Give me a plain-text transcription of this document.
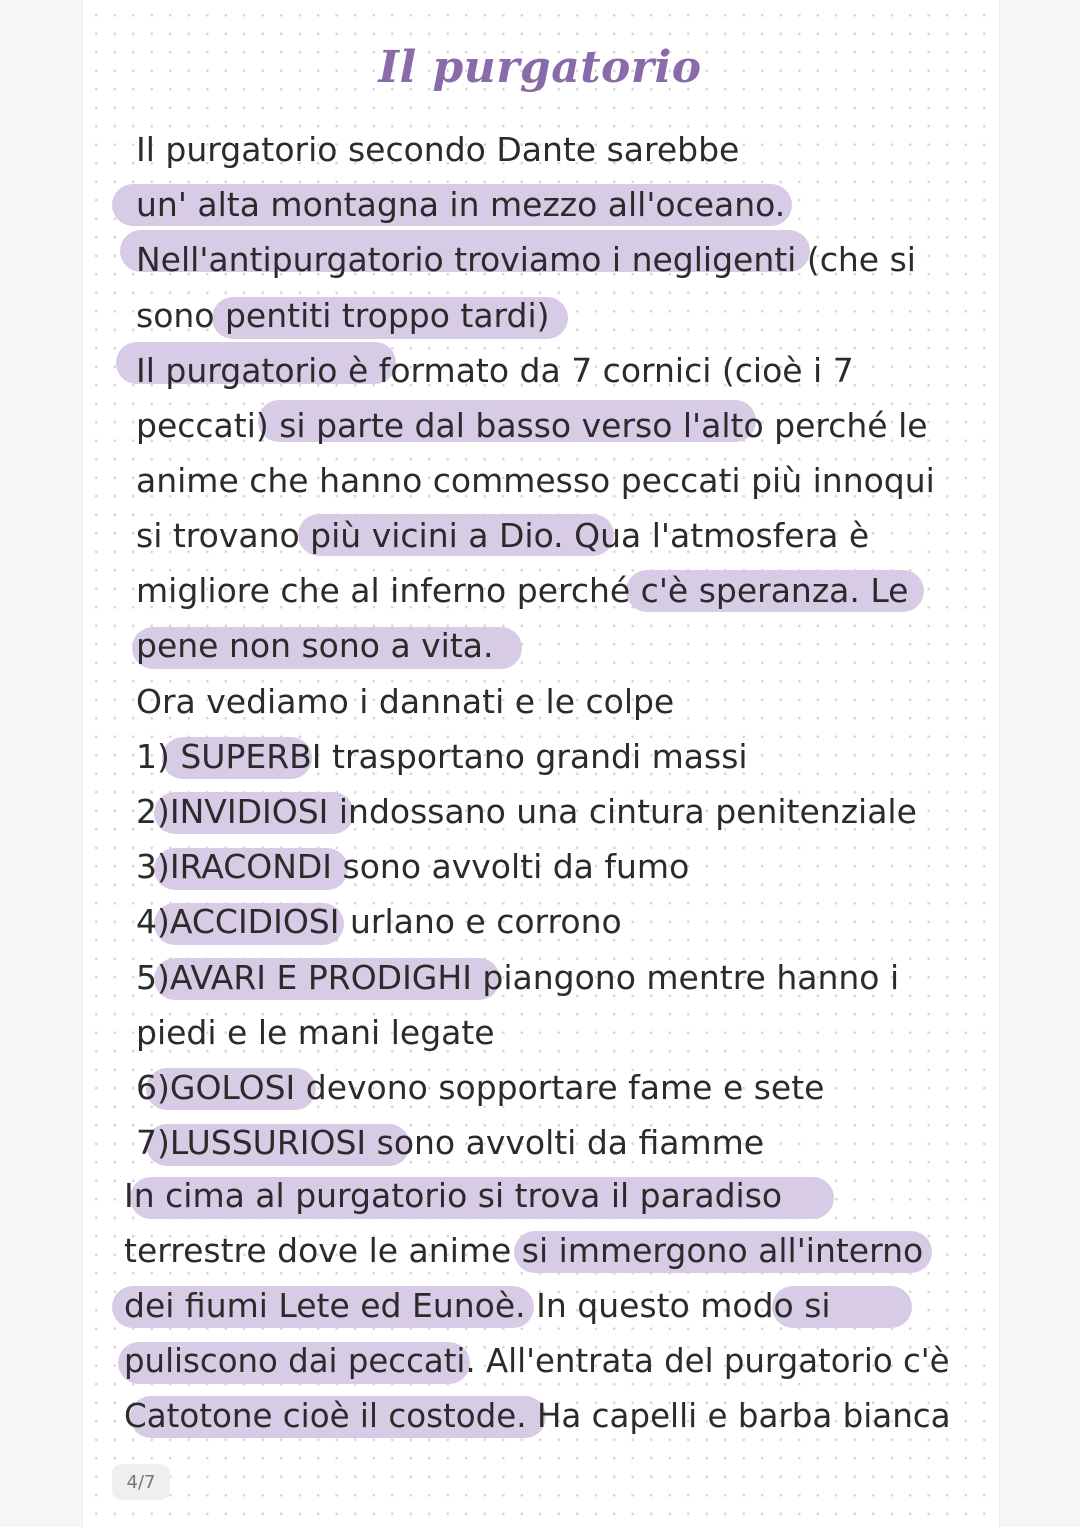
Il purgatorio
Il purgatorio secondo Dante sarebbe
un' alta montagna in mezzo all'oceano.
Nell'antipurgatorio troviamo i negligenti (che si
sono pentiti troppo tardi)
Il purgatorio è formato da 7 cornici (cioè i 7
peccati) si parte dal basso verso l'alto perché le
anime che hanno commesso peccati più innoqui
si trovano più vicini a Dio. Qua l'atmosfera è
migliore che al inferno perché c'è speranza. Le
pene non sono a vita.
Ora vediamo i dannati e le colpe
1) SUPERBI trasportano grandi massi
2)INVIDIOSI indossano una cintura penitenziale
3)IRACONDI sono avvolti da fumo
4)ACCIDIOSI urlano e corrono
5)AVARI E PRODIGHI piangono mentre hanno i
piedi e le mani legate
6)GOLOSI devono sopportare fame e sete
7)LUSSURIOSI sono avvolti da fiamme
In cima al purgatorio si trova il paradiso
terrestre dove le anime si immergono all'interno
dei fiumi Lete ed Eunoè. In questo modo si
puliscono dai peccati. All'entrata del purgatorio c'è
Catotone cioè il costode. Ha capelli e barba bianca
4/7
